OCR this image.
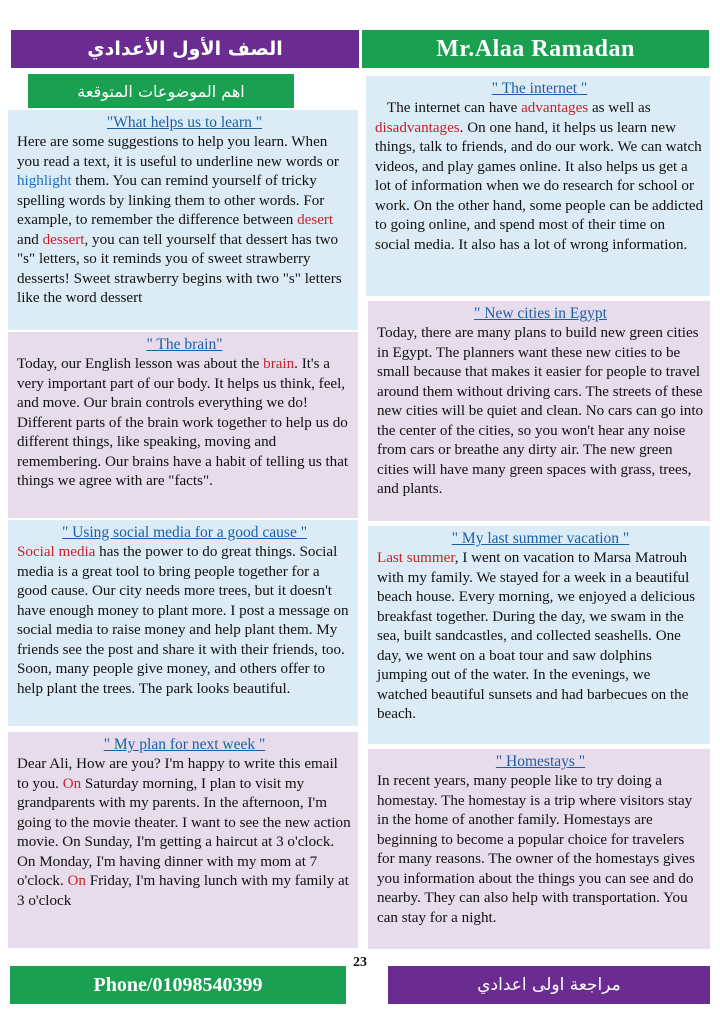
الصف الأول الأعدادي	Mr.Alaa Ramadan
اهم الموضوعات المتوقعة
"What helps us to learn "

Here are some suggestions to help you learn. When you read a text, it is useful to underline new words or highlight them. You can remind yourself of tricky spelling words by linking them to other words. For example, to remember the difference between desert and dessert, you can tell yourself that dessert has two "s" letters, so it reminds you of sweet strawberry desserts! Sweet strawberry begins with two "s" letters like the word dessert

" The brain"

Today, our English lesson was about the brain. It's a very important part of our body. It helps us think, feel, and move. Our brain controls everything we do! Different parts of the brain work together to help us do different things, like speaking, moving and remembering. Our brains have a habit of telling us that things we agree with are "facts".

" Using social media for a good cause "

Social media has the power to do great things. Social media is a great tool to bring people together for a good cause. Our city needs more trees, but it doesn't have enough money to plant more. I post a message on social media to raise money and help plant them. My friends see the post and share it with their friends, too. Soon, many people give money, and others offer to help plant the trees. The park looks beautiful.

" My plan for next week "

Dear Ali, How are you? I'm happy to write this email to you. On Saturday morning, I plan to visit my grandparents with my parents. In the afternoon, I'm going to the movie theater. I want to see the new action movie. On Sunday, I'm getting a haircut at 3 o'clock. On Monday, I'm having dinner with my mom at 7 o'clock. On Friday, I'm having lunch with my family at 3 o'clock

" The internet "

The internet can have advantages as well as disadvantages. On one hand, it helps us learn new things, talk to friends, and do our work. We can watch videos, and play games online. It also helps us get a lot of information when we do research for school or work. On the other hand, some people can be addicted to going online, and spend most of their time on social media. It also has a lot of wrong information.

" New cities in Egypt

Today, there are many plans to build new green cities in Egypt. The planners want these new cities to be small because that makes it easier for people to travel around them without driving cars. The streets of these new cities will be quiet and clean. No cars can go into the center of the cities, so you won't hear any noise from cars or breathe any dirty air. The new green cities will have many green spaces with grass, trees, and plants.

" My last summer vacation "

Last summer, I went on vacation to Marsa Matrouh with my family. We stayed for a week in a beautiful beach house. Every morning, we enjoyed a delicious breakfast together. During the day, we swam in the sea, built sandcastles, and collected seashells. One day, we went on a boat tour and saw dolphins jumping out of the water. In the evenings, we watched beautiful sunsets and had barbecues on the beach.

" Homestays "

In recent years, many people like to try doing a homestay. The homestay is a trip where visitors stay in the home of another family. Homestays are beginning to become a popular choice for travelers for many reasons. The owner of the homestays gives you information about the things you can see and do nearby. They can also help with transportation. You can stay for a night.

23
Phone/01098540399	مراجعة اولى اعدادي
